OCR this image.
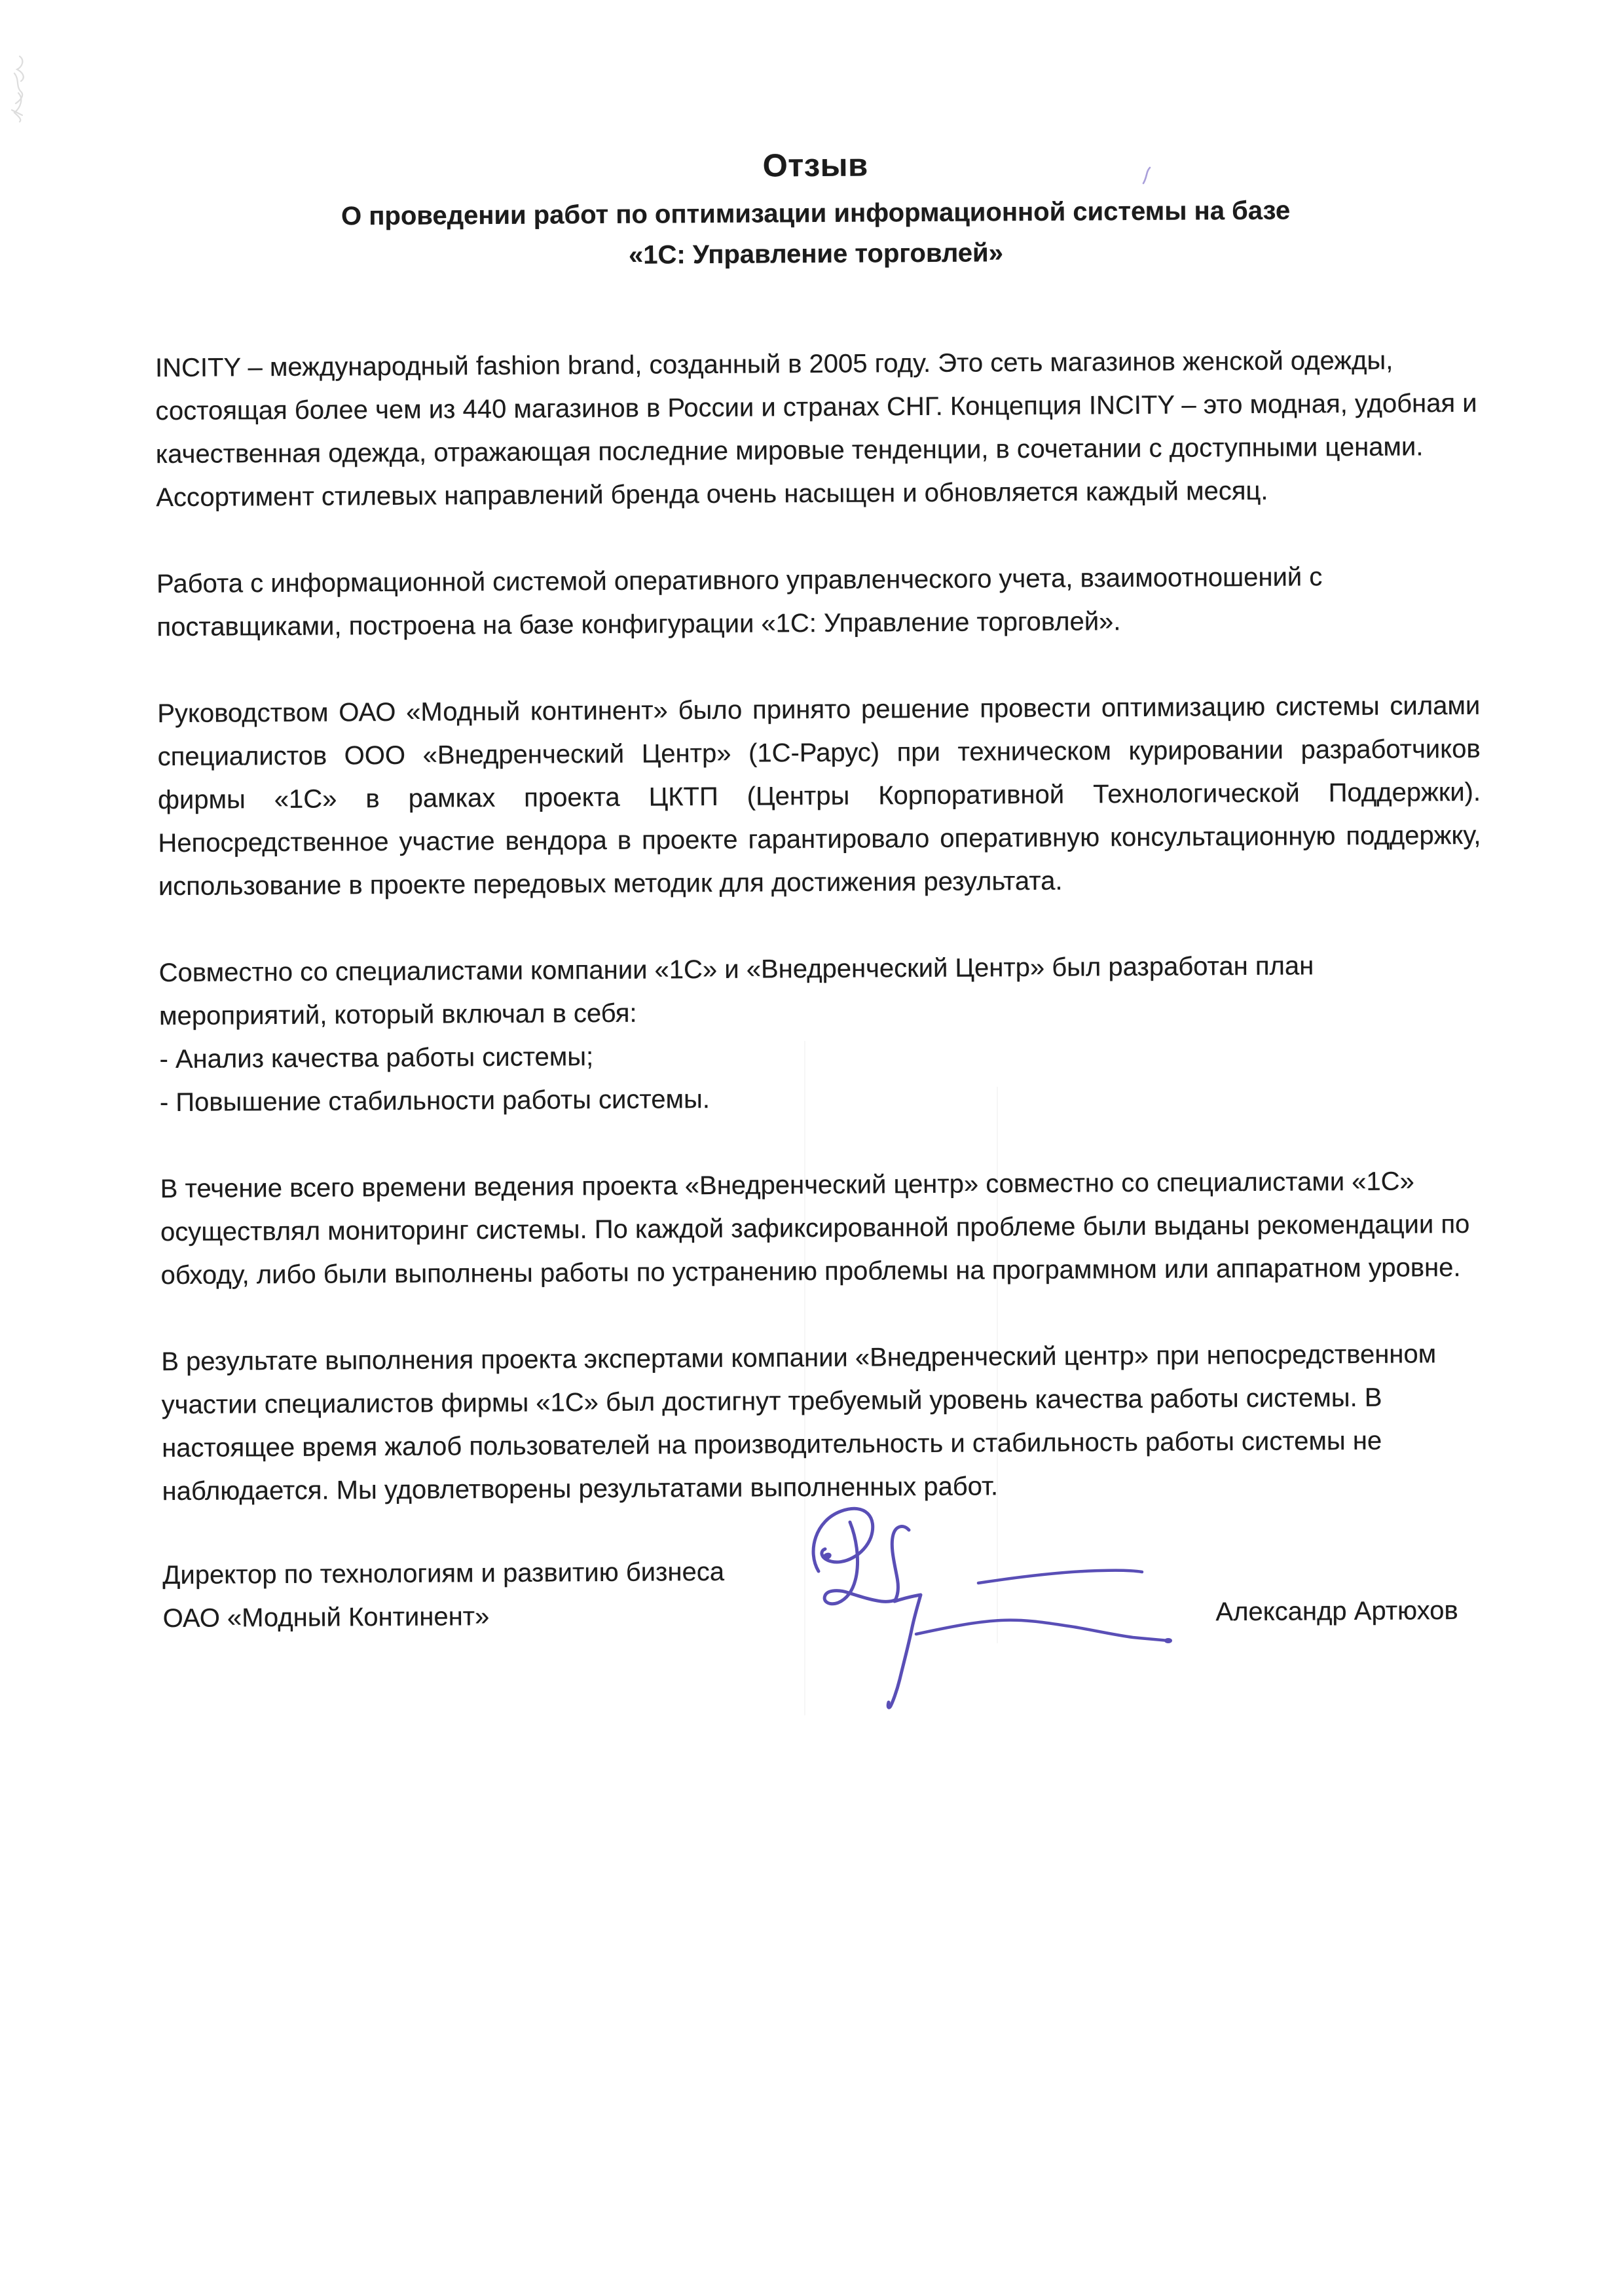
Отзыв
О проведении работ по оптимизации информационной системы на базе
«1С: Управление торговлей»

INCITY – международный fashion brand, созданный в 2005 году. Это сеть магазинов женской одежды, состоящая более чем из 440 магазинов в России и странах СНГ. Концепция INCITY – это модная, удобная и качественная одежда, отражающая последние мировые тенденции, в сочетании с доступными ценами. Ассортимент стилевых направлений бренда очень насыщен и обновляется каждый месяц.

Работа с информационной системой оперативного управленческого учета, взаимоотношений с поставщиками, построена на базе конфигурации «1С: Управление торговлей».

Руководством ОАО «Модный континент» было принято решение провести оптимизацию системы силами специалистов ООО «Внедренческий Центр» (1С-Рарус) при техническом курировании разработчиков фирмы «1С» в рамках проекта ЦКТП (Центры Корпоративной Технологической Поддержки). Непосредственное участие вендора в проекте гарантировало оперативную консультационную поддержку, использование в проекте передовых методик для достижения результата.

Совместно со специалистами компании «1С» и «Внедренческий Центр» был разработан план мероприятий, который включал в себя:

- Анализ качества работы системы;
- Повышение стабильности работы системы.

В течение всего времени ведения проекта «Внедренческий центр» совместно со специалистами «1С» осуществлял мониторинг системы. По каждой зафиксированной проблеме были выданы рекомендации по обходу, либо были выполнены работы по устранению проблемы на программном или аппаратном уровне.

В результате выполнения проекта экспертами компании «Внедренческий центр» при непосредственном участии специалистов фирмы «1С» был достигнут требуемый уровень качества работы системы. В настоящее время жалоб пользователей на производительность и стабильность работы системы не наблюдается. Мы удовлетворены результатами выполненных работ.

Директор по технологиям и развитию бизнеса
ОАО «Модный Континент»	Александр Артюхов
